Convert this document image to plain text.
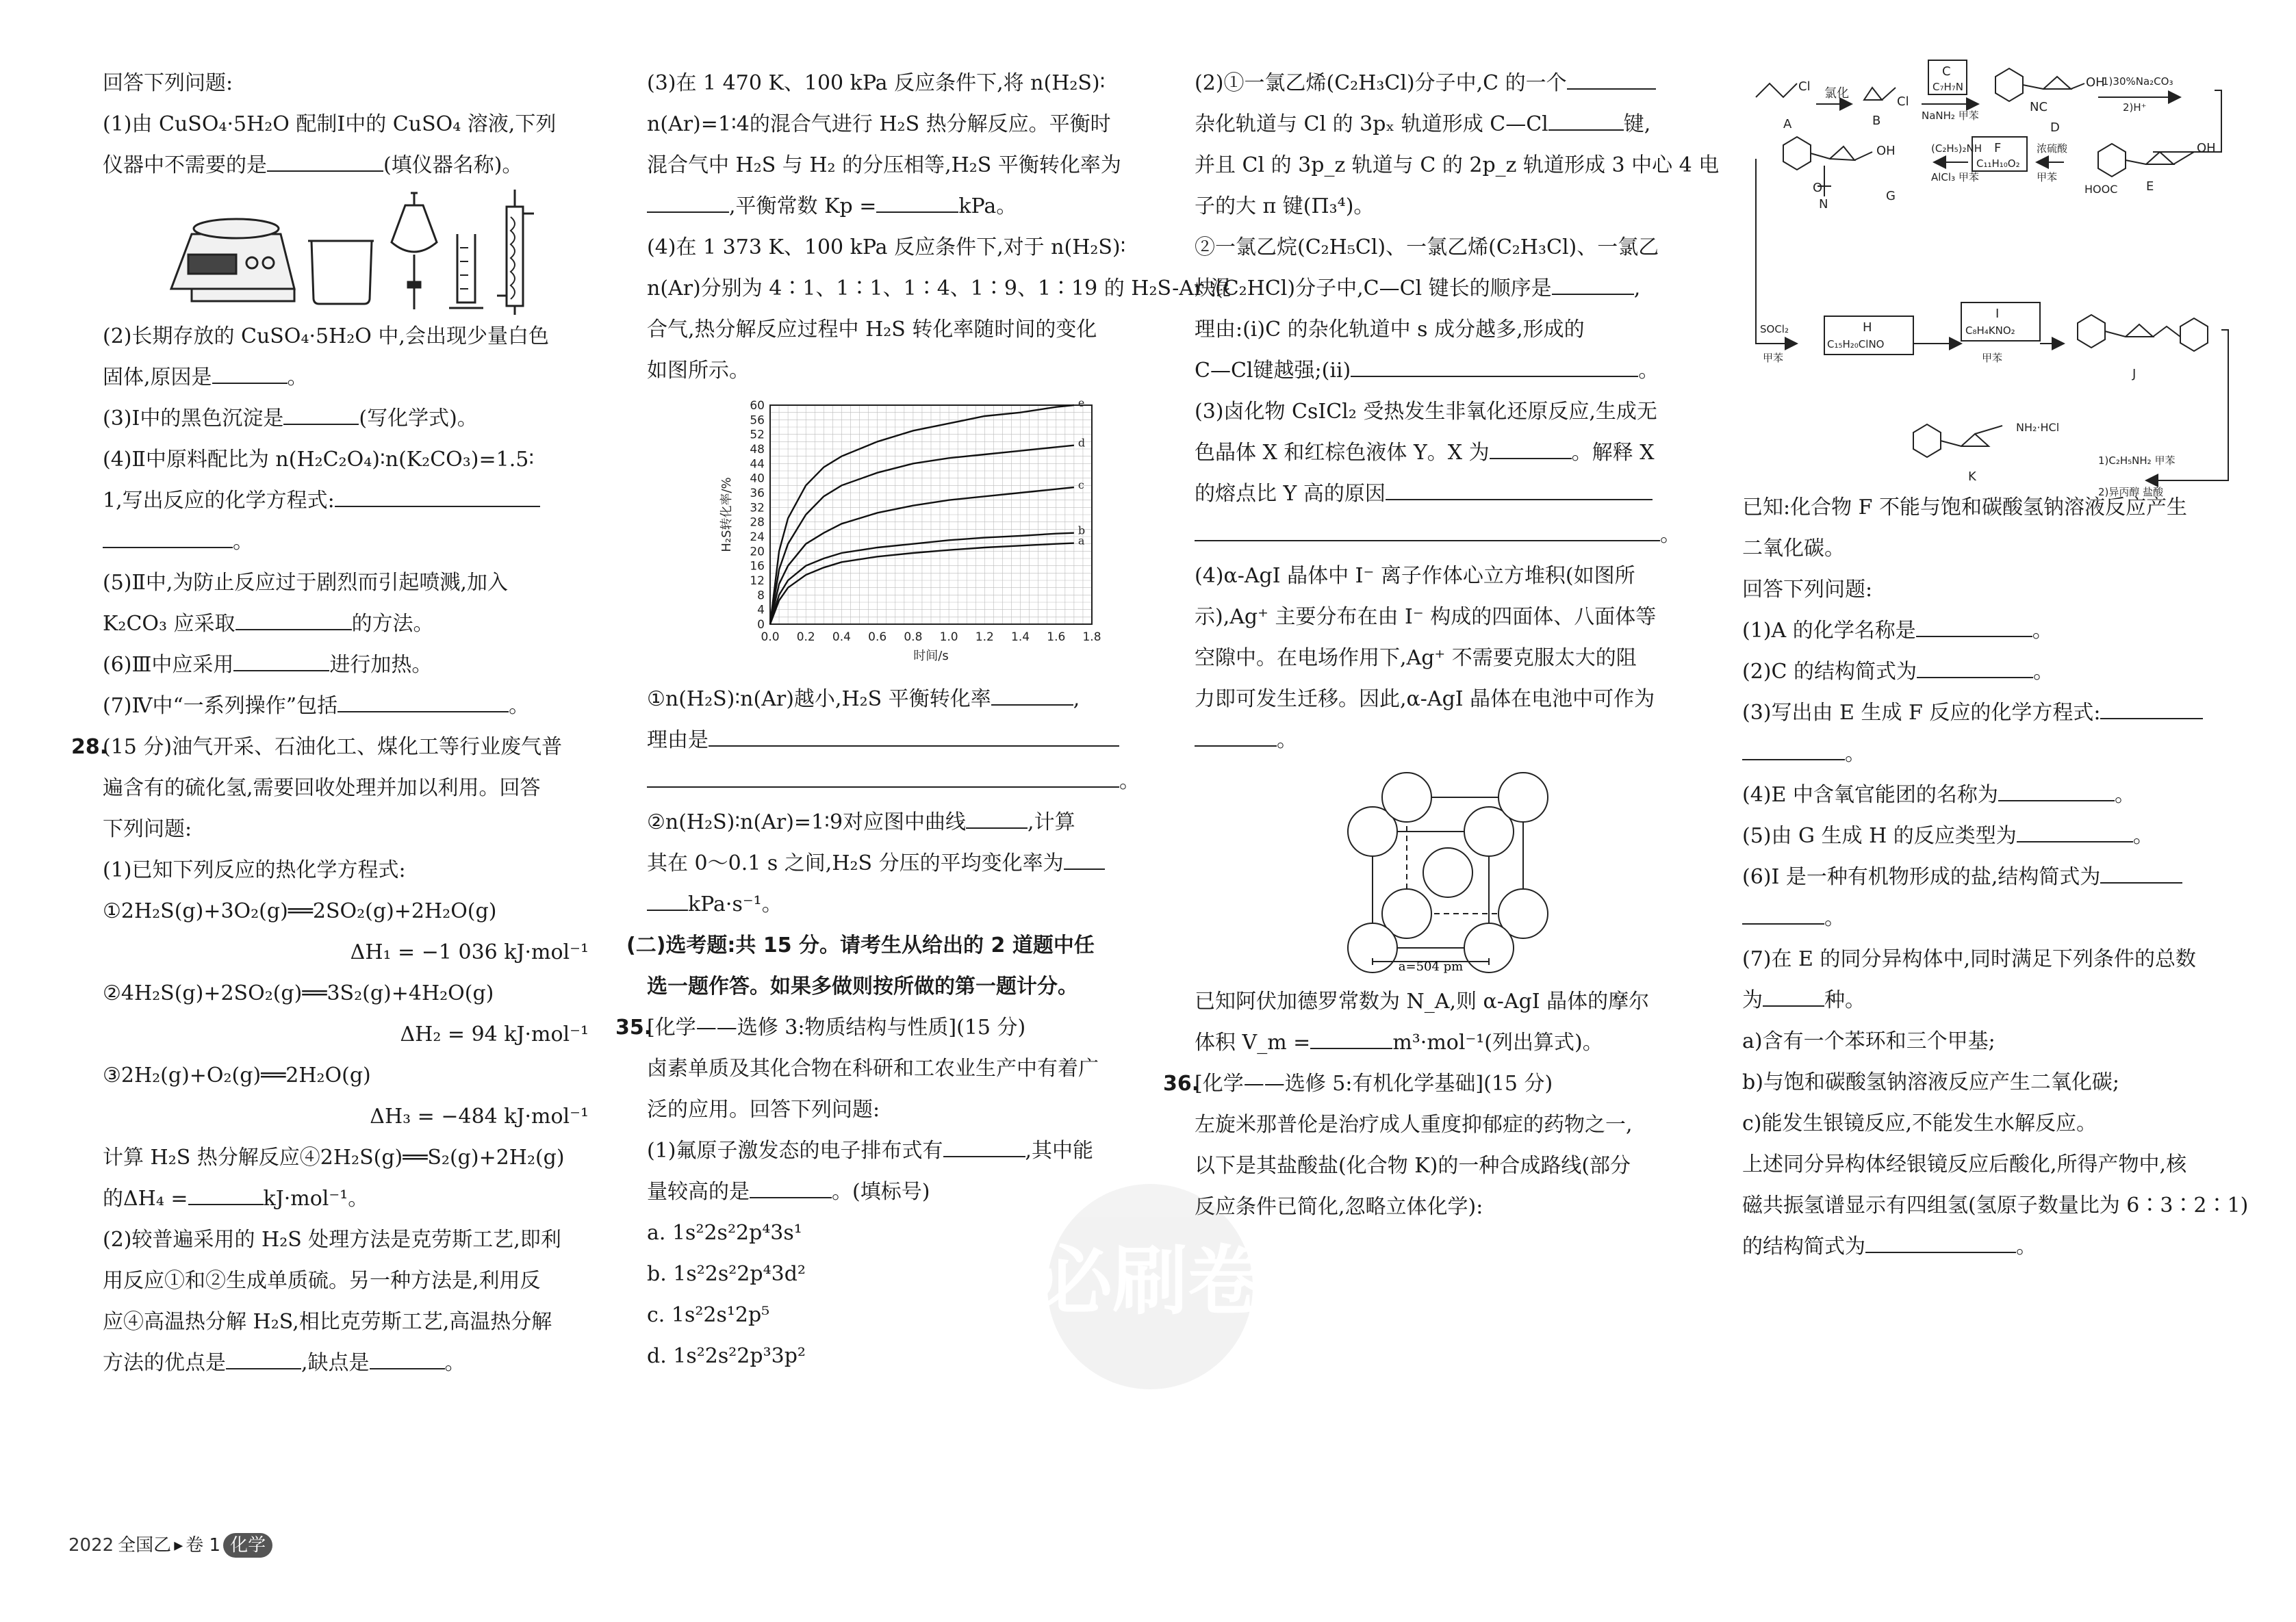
回答下列问题:
(1)由 CuSO₄·5H₂O 配制Ⅰ中的 CuSO₄ 溶液,下列
仪器中不需要的是	(填仪器名称)。
(2)长期存放的 CuSO₄·5H₂O 中,会出现少量白色
固体,原因是	。
(3)Ⅰ中的黑色沉淀是	(写化学式)。
(4)Ⅱ中原料配比为 n(H₂C₂O₄)∶n(K₂CO₃)=1.5∶
1,写出反应的化学方程式:
。
(5)Ⅱ中,为防止反应过于剧烈而引起喷溅,加入
K₂CO₃ 应采取	的方法。
(6)Ⅲ中应采用	进行加热。
(7)Ⅳ中“一系列操作”包括	。
28.(15 分)油气开采、石油化工、煤化工等行业废气普
遍含有的硫化氢,需要回收处理并加以利用。回答
下列问题:
(1)已知下列反应的热化学方程式:
①2H₂S(g)+3O₂(g)══2SO₂(g)+2H₂O(g)
ΔH₁ = −1 036 kJ·mol⁻¹
②4H₂S(g)+2SO₂(g)══3S₂(g)+4H₂O(g)
ΔH₂ = 94 kJ·mol⁻¹
③2H₂(g)+O₂(g)══2H₂O(g)
ΔH₃ = −484 kJ·mol⁻¹
计算 H₂S 热分解反应④2H₂S(g)══S₂(g)+2H₂(g)
的ΔH₄ =	kJ·mol⁻¹。
(2)较普遍采用的 H₂S 处理方法是克劳斯工艺,即利
用反应①和②生成单质硫。另一种方法是,利用反
应④高温热分解 H₂S,相比克劳斯工艺,高温热分解
方法的优点是	,缺点是	。
(3)在 1 470 K、100 kPa 反应条件下,将 n(H₂S)∶
n(Ar)=1∶4的混合气进行 H₂S 热分解反应。平衡时
混合气中 H₂S 与 H₂ 的分压相等,H₂S 平衡转化率为
,平衡常数 Kp =	kPa。
(4)在 1 373 K、100 kPa 反应条件下,对于 n(H₂S)∶
n(Ar)分别为 4∶1、1∶1、1∶4、1∶9、1∶19 的 H₂S-Ar 混
合气,热分解反应过程中 H₂S 转化率随时间的变化
如图所示。
0
4
8
12
16
20
24
28
32
36
40
44
48
52
56
60
0.0 0.2 0.4 0.6 0.8 1.0 1.2 1.4 1.6 1.8
时间/s
H₂S转化率/%
e
d
c
b
a
①n(H₂S)∶n(Ar)越小,H₂S 平衡转化率	,
理由是
。
②n(H₂S)∶n(Ar)=1∶9对应图中曲线	,计算
其在 0～0.1 s 之间,H₂S 分压的平均变化率为
kPa·s⁻¹。
(二)选考题:共 15 分。请考生从给出的 2 道题中任
选一题作答。如果多做则按所做的第一题计分。
35.[化学——选修 3:物质结构与性质](15 分)
卤素单质及其化合物在科研和工农业生产中有着广
泛的应用。回答下列问题:
(1)氟原子激发态的电子排布式有	,其中能
量较高的是	。(填标号)
a. 1s²2s²2p⁴3s¹
b. 1s²2s²2p⁴3d²
c. 1s²2s¹2p⁵
d. 1s²2s²2p³3p²
(2)①一氯乙烯(C₂H₃Cl)分子中,C 的一个
杂化轨道与 Cl 的 3pₓ 轨道形成 C—Cl	键,
并且 Cl 的 3p_z 轨道与 C 的 2p_z 轨道形成 3 中心 4 电
子的大 π 键(Π₃⁴)。
②一氯乙烷(C₂H₅Cl)、一氯乙烯(C₂H₃Cl)、一氯乙
炔(C₂HCl)分子中,C—Cl 键长的顺序是	,
理由:(ⅰ)C 的杂化轨道中 s 成分越多,形成的
C—Cl键越强;(ⅱ)	。
(3)卤化物 CsICl₂ 受热发生非氧化还原反应,生成无
色晶体 X 和红棕色液体 Y。X 为	。解释 X
的熔点比 Y 高的原因
。
(4)α-AgI 晶体中 I⁻ 离子作体心立方堆积(如图所
示),Ag⁺ 主要分布在由 I⁻ 构成的四面体、八面体等
空隙中。在电场作用下,Ag⁺ 不需要克服太大的阻
力即可发生迁移。因此,α-AgI 晶体在电池中可作为
。
a=504 pm
已知阿伏加德罗常数为 N_A,则 α-AgI 晶体的摩尔
体积 V_m =	m³·mol⁻¹(列出算式)。
36.[化学——选修 5:有机化学基础](15 分)
左旋米那普伦是治疗成人重度抑郁症的药物之一,
以下是其盐酸盐(化合物 K)的一种合成路线(部分
反应条件已简化,忽略立体化学):
A
Cl 氯化
B
Cl
C
C₇H₇N
NaNH₂ 甲苯
NC
D
OH
1)30%Na₂CO₃
2)H⁺
OH
O
N
G
(C₂H₅)₂NH
AlCl₃ 甲苯
F
C₁₁H₁₀O₂
浓硫酸
甲苯
HOOC E
OH
SOCl₂
甲苯
H
C₁₅H₂₀ClNO
I
C₈H₄KNO₂
甲苯
J
NH₂·HCl
K
1)C₂H₅NH₂ 甲苯
2)异丙醇 盐酸
已知:化合物 F 不能与饱和碳酸氢钠溶液反应产生
二氧化碳。
回答下列问题:
(1)A 的化学名称是	。
(2)C 的结构简式为	。
(3)写出由 E 生成 F 反应的化学方程式:
。
(4)E 中含氧官能团的名称为	。
(5)由 G 生成 H 的反应类型为	。
(6)I 是一种有机物形成的盐,结构简式为
。
(7)在 E 的同分异构体中,同时满足下列条件的总数
为	种。
a)含有一个苯环和三个甲基;
b)与饱和碳酸氢钠溶液反应产生二氧化碳;
c)能发生银镜反应,不能发生水解反应。
上述同分异构体经银镜反应后酸化,所得产物中,核
磁共振氢谱显示有四组氢(氢原子数量比为 6∶3∶2∶1)
的结构简式为	。
必刷卷
2022 全国乙 ▸ 卷 1 化学
